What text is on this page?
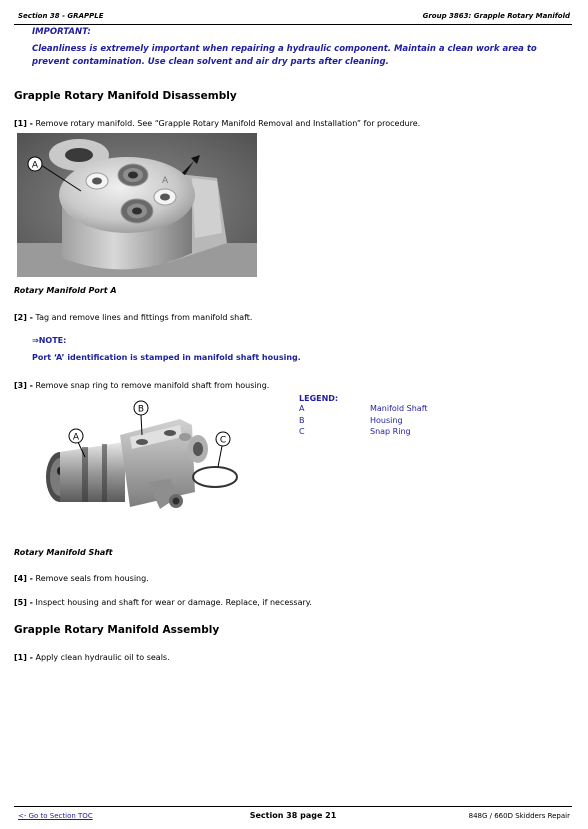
Section 38 - GRAPPLE	Group 3863: Grapple Rotary Manifold
IMPORTANT:
Cleanliness is extremely important when repairing a hydraulic component. Maintain a clean work area to
prevent contamination. Use clean solvent and air dry parts after cleaning.
Grapple Rotary Manifold Disassembly
[1] - Remove rotary manifold. See “Grapple Rotary Manifold Removal and Installation” for procedure.
A
A
Rotary Manifold Port A
[2] - Tag and remove lines and fittings from manifold shaft.
⇒NOTE:
Port ‘A’ identification is stamped in manifold shaft housing.
[3] - Remove snap ring to remove manifold shaft from housing.
A
B
C
LEGEND:
A	Manifold Shaft
B	Housing
C	Snap Ring
Rotary Manifold Shaft
[4] - Remove seals from housing.
[5] - Inspect housing and shaft for wear or damage. Replace, if necessary.
Grapple Rotary Manifold Assembly
[1] - Apply clean hydraulic oil to seals.
<- Go to Section TOC	Section 38 page 21	848G / 660D Skidders Repair
